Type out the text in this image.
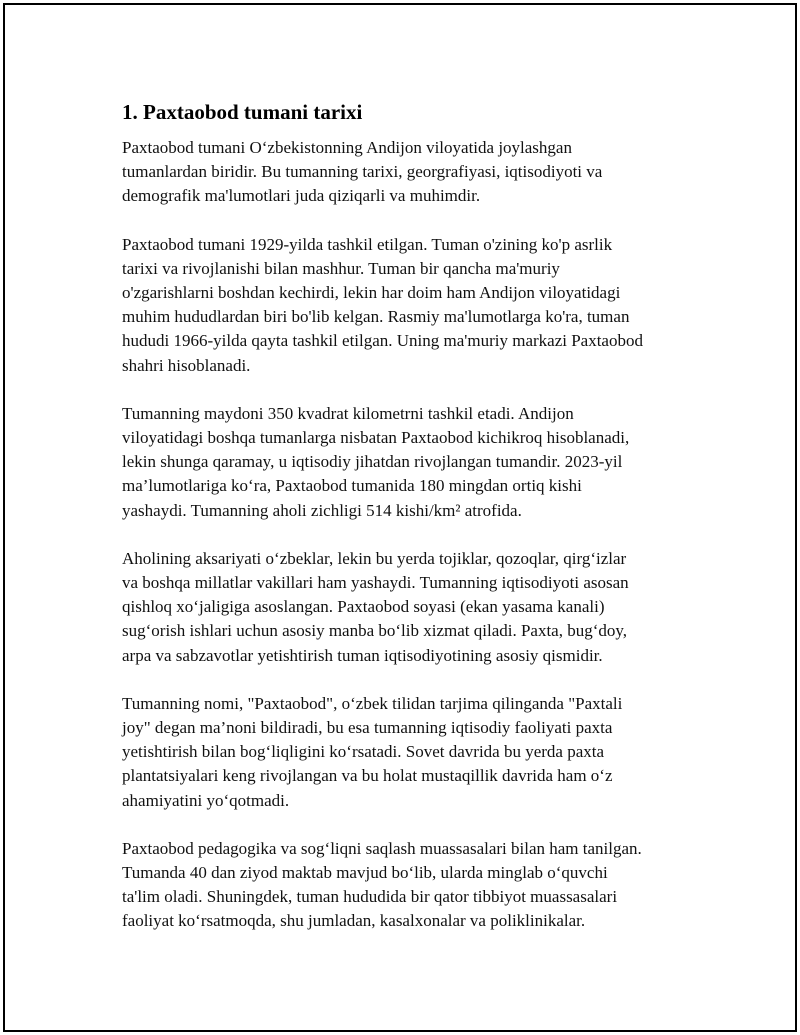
1. Paxtaobod tumani tarixi

Paxtaobod tumani O‘zbekistonning Andijon viloyatida joylashgan
tumanlardan biridir. Bu tumanning tarixi, georgrafiyasi, iqtisodiyoti va
demografik ma'lumotlari juda qiziqarli va muhimdir.

Paxtaobod tumani 1929-yilda tashkil etilgan. Tuman o'zining ko'p asrlik
tarixi va rivojlanishi bilan mashhur. Tuman bir qancha ma'muriy
o'zgarishlarni boshdan kechirdi, lekin har doim ham Andijon viloyatidagi
muhim hududlardan biri bo'lib kelgan. Rasmiy ma'lumotlarga ko'ra, tuman
hududi 1966-yilda qayta tashkil etilgan. Uning ma'muriy markazi Paxtaobod
shahri hisoblanadi.

Tumanning maydoni 350 kvadrat kilometrni tashkil etadi. Andijon
viloyatidagi boshqa tumanlarga nisbatan Paxtaobod kichikroq hisoblanadi,
lekin shunga qaramay, u iqtisodiy jihatdan rivojlangan tumandir. 2023-yil
ma’lumotlariga ko‘ra, Paxtaobod tumanida 180 mingdan ortiq kishi
yashaydi. Tumanning aholi zichligi 514 kishi/km² atrofida.

Aholining aksariyati o‘zbeklar, lekin bu yerda tojiklar, qozoqlar, qirg‘izlar
va boshqa millatlar vakillari ham yashaydi. Tumanning iqtisodiyoti asosan
qishloq xo‘jaligiga asoslangan. Paxtaobod soyasi (ekan yasama kanali)
sug‘orish ishlari uchun asosiy manba bo‘lib xizmat qiladi. Paxta, bug‘doy,
arpa va sabzavotlar yetishtirish tuman iqtisodiyotining asosiy qismidir.

Tumanning nomi, "Paxtaobod", o‘zbek tilidan tarjima qilinganda "Paxtali
joy" degan ma’noni bildiradi, bu esa tumanning iqtisodiy faoliyati paxta
yetishtirish bilan bog‘liqligini ko‘rsatadi. Sovet davrida bu yerda paxta
plantatsiyalari keng rivojlangan va bu holat mustaqillik davrida ham o‘z
ahamiyatini yo‘qotmadi.

Paxtaobod pedagogika va sog‘liqni saqlash muassasalari bilan ham tanilgan.
Tumanda 40 dan ziyod maktab mavjud bo‘lib, ularda minglab o‘quvchi
ta'lim oladi. Shuningdek, tuman hududida bir qator tibbiyot muassasalari
faoliyat ko‘rsatmoqda, shu jumladan, kasalxonalar va poliklinikalar.
